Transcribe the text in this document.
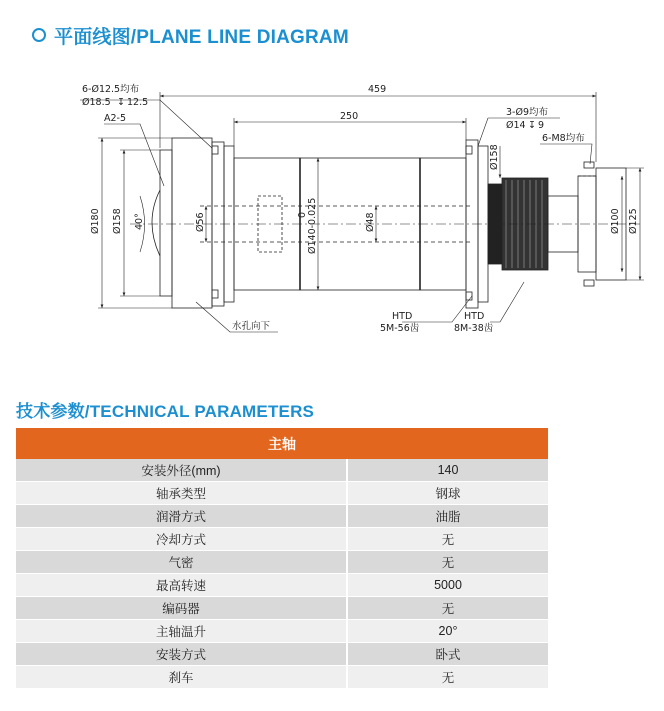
平面线图/PLANE LINE DIAGRAM
6-Ø12.5均布
Ø18.5 ↧ 12.5
A2-5
459
250	3-Ø9均布
Ø14 ↧ 9
6-M8均布
Ø180 Ø158 40°	Ø56	0 Ø140-0.025	Ø48
Ø158
Ø100 Ø125
水孔向下
HTD
5M-56齿
HTD
8M-38齿
技术参数/TECHNICAL PARAMETERS
主轴	
安装外径(mm)	140
轴承类型	钢球
润滑方式	油脂
冷却方式	无
气密	无
最高转速	5000
编码器	无
主轴温升	20°
安装方式	卧式
刹车	无
